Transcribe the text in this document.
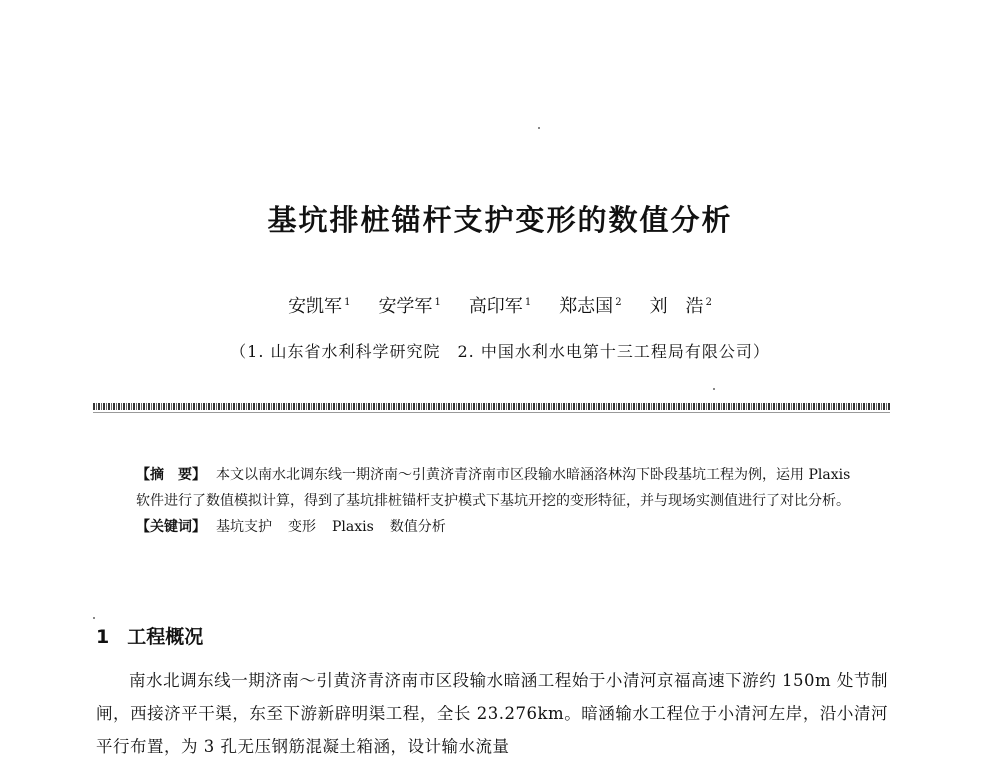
基坑排桩锚杆支护变形的数值分析
安凯军 $^1$ 安学军 $^1$ 高印军 $^1$ 郑志国 $^2$ 刘　浩 $^2$
（1. 山东省水利科学研究院　2. 中国水利水电第十三工程局有限公司）

【摘　要】 本文以南水北调东线一期济南～引黄济青济南市区段输水暗涵洛林沟下卧段基坑工程为例，运用 Plaxis 软件进行了数值模拟计算，得到了基坑排桩锚杆支护模式下基坑开挖的变形特征，并与现场实测值进行了对比分析。

【关键词】 基坑支护 变形 Plaxis 数值分析

1 工程概况

南水北调东线一期济南～引黄济青济南市区段输水暗涵工程始于小清河京福高速下游约 150m 处节制闸，西接济平干渠，东至下游新辟明渠工程，全长 23.276km。暗涵输水工程位于小清河左岸，沿小清河平行布置，为 3 孔无压钢筋混凝土箱涵，设计输水流量
